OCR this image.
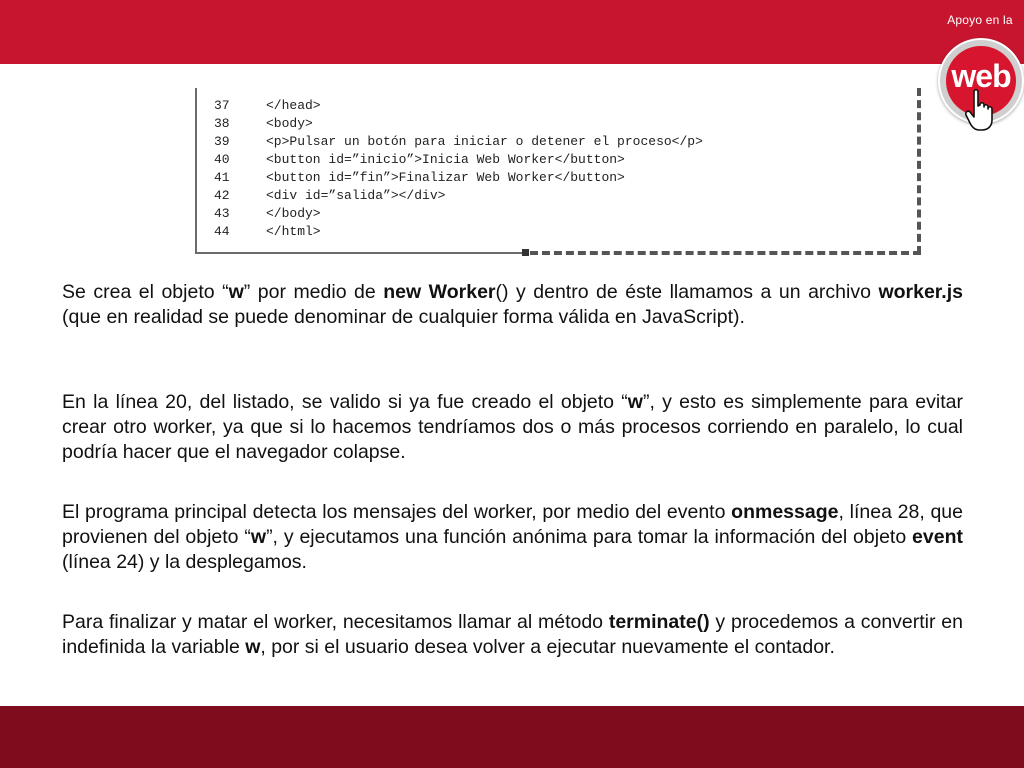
Apoyo en la
web
37	</head>
38	<body>
39	<p>Pulsar un botón para iniciar o detener el proceso</p>
40	<button id=”inicio”>Inicia Web Worker</button>
41	<button id=”fin”>Finalizar Web Worker</button>
42	<div id=”salida”></div>
43	</body>
44	</html>

Se crea el objeto “w” por medio de new Worker() y dentro de éste llamamos a un archivo worker.js (que en realidad se puede denominar de cualquier forma válida en JavaScript).

En la línea 20, del listado, se valido si ya fue creado el objeto “w”, y esto es simplemente para evitar crear otro worker, ya que si lo hacemos tendríamos dos o más procesos corriendo en paralelo, lo cual podría hacer que el navegador colapse.

El programa principal detecta los mensajes del worker, por medio del evento onmessage, línea 28, que provienen del objeto “w”, y ejecutamos una función anónima para tomar la información del objeto event (línea 24) y la desplegamos.

Para finalizar y matar el worker, necesitamos llamar al método terminate() y procedemos a convertir en indefinida la variable w, por si el usuario desea volver a ejecutar nuevamente el contador.
